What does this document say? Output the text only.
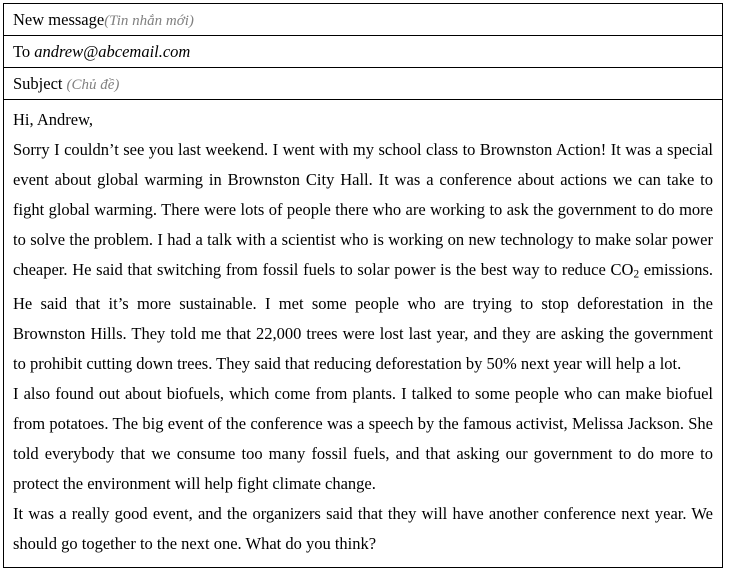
New message(Tin nhắn mới)
To andrew@abcemail.com
Subject (Chủ đề)

Hi, Andrew,

Sorry I couldn’t see you last weekend. I went with my school class to Brownston Action! It was a special event about global warming in Brownston City Hall. It was a conference about actions we can take to fight global warming. There were lots of people there who are working to ask the government to do more to solve the problem. I had a talk with a scientist who is working on new technology to make solar power cheaper. He said that switching from fossil fuels to solar power is the best way to reduce $CO_2$ emissions. He said that it’s more sustainable. I met some people who are trying to stop deforestation in the Brownston Hills. They told me that 22,000 trees were lost last year, and they are asking the government to prohibit cutting down trees. They said that reducing deforestation by 50% next year will help a lot.

I also found out about biofuels, which come from plants. I talked to some people who can make biofuel from potatoes. The big event of the conference was a speech by the famous activist, Melissa Jackson. She told everybody that we consume too many fossil fuels, and that asking our government to do more to protect the environment will help fight climate change.

It was a really good event, and the organizers said that they will have another conference next year. We should go together to the next one. What do you think?
